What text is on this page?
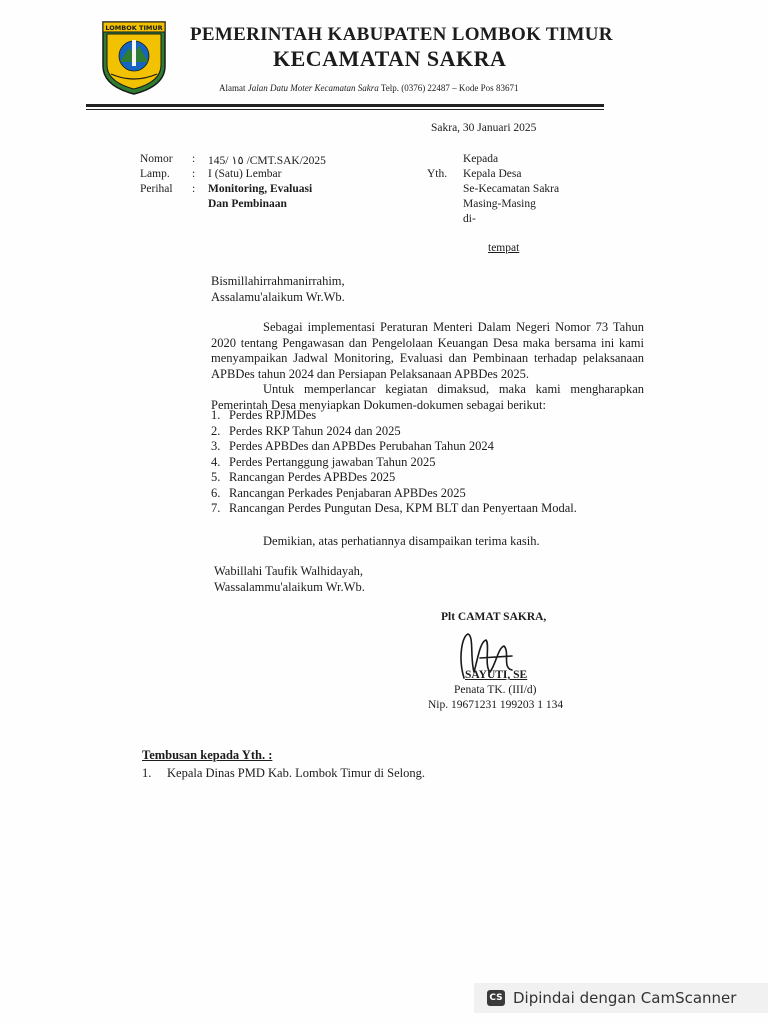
LOMBOK TIMUR PEMERINTAH KABUPATEN LOMBOK TIMUR
KECAMATAN SAKRA
Alamat Jalan Datu Moter Kecamatan Sakra Telp. (0376) 22487 – Kode Pos 83671
Sakra, 30 Januari 2025
Nomor : 145/ ١٥ /CMT.SAK/2025
Lamp. : I (Satu) Lembar
Perihal : Monitoring, Evaluasi
Dan Pembinaan
Kepada
Yth. Kepala Desa
Se-Kecamatan Sakra
Masing-Masing
di-
tempat
Bismillahirrahmanirrahim,
Assalamu'alaikum Wr.Wb.

Sebagai implementasi Peraturan Menteri Dalam Negeri Nomor 73 Tahun 2020 tentang Pengawasan dan Pengelolaan Keuangan Desa maka bersama ini kami menyampaikan Jadwal Monitoring, Evaluasi dan Pembinaan terhadap pelaksanaan APBDes tahun 2024 dan Persiapan Pelaksanaan APBDes 2025.

Untuk memperlancar kegiatan dimaksud, maka kami mengharapkan Pemerintah Desa menyiapkan Dokumen-dokumen sebagai berikut:

1. Perdes RPJMDes
2. Perdes RKP Tahun 2024 dan 2025
3. Perdes APBDes dan APBDes Perubahan Tahun 2024
4. Perdes Pertanggung jawaban Tahun 2025
5. Rancangan Perdes APBDes 2025
6. Rancangan Perkades Penjabaran APBDes 2025
7. Rancangan Perdes Pungutan Desa, KPM BLT dan Penyertaan Modal.
Demikian, atas perhatiannya disampaikan terima kasih.
Wabillahi Taufik Walhidayah,
Wassalammu'alaikum Wr.Wb.
Plt CAMAT SAKRA,
SAYUTI, SE
Penata TK. (III/d)
Nip. 19671231 199203 1 134
Tembusan kepada Yth. :
1. Kepala Dinas PMD Kab. Lombok Timur di Selong.
CS Dipindai dengan CamScanner
